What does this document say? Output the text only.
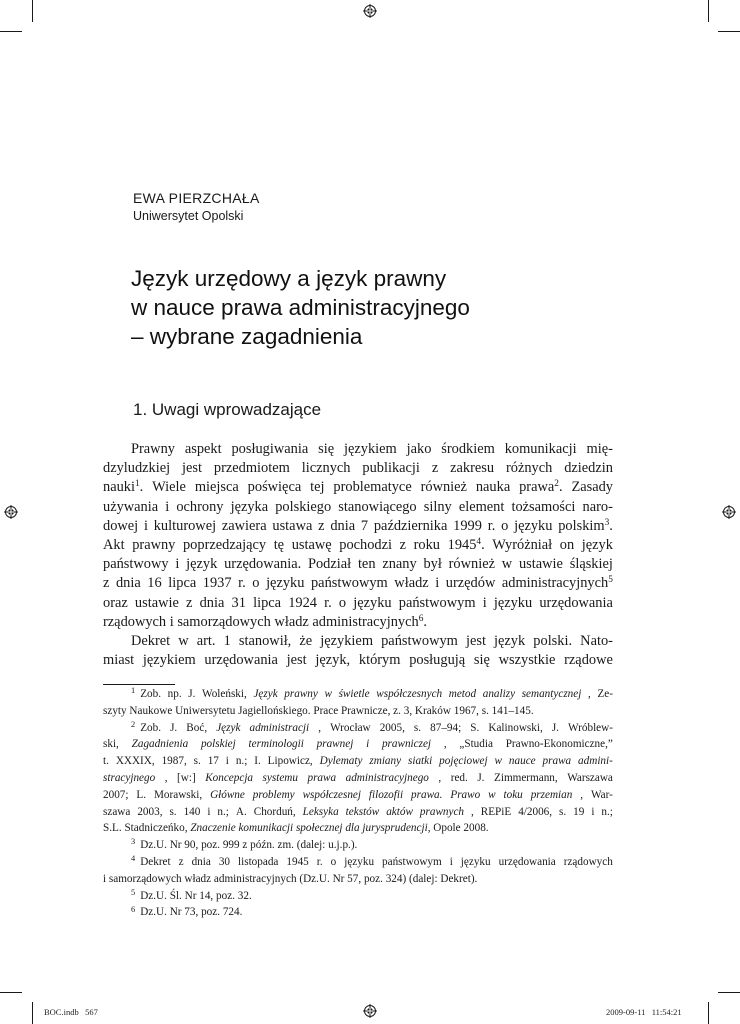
EWA PIERZCHAŁA
Uniwersytet Opolski
Język urzędowy a język prawny
w nauce prawa administracyjnego
– wybrane zagadnienia
1. Uwagi wprowadzające
Prawny aspekt posługiwania się językiem jako środkiem komunikacji mię-
dzyludzkiej jest przedmiotem licznych publikacji z zakresu różnych dziedzin
nauki$^1$. Wiele miejsca poświęca tej problematyce również nauka prawa$^2$. Zasady
używania i ochrony języka polskiego stanowiącego silny element tożsamości naro-
dowej i kulturowej zawiera ustawa z dnia 7 października 1999 r. o języku polskim$^3$.
Akt prawny poprzedzający tę ustawę pochodzi z roku 1945$^4$. Wyróżniał on język
państwowy i język urzędowania. Podział ten znany był również w ustawie śląskiej
z dnia 16 lipca 1937 r. o języku państwowym władz i urzędów administracyjnych$^5$
oraz ustawie z dnia 31 lipca 1924 r. o języku państwowym i języku urzędowania
rządowych i samorządowych władz administracyjnych$^6$.
Dekret w art. 1 stanowił, że językiem państwowym jest język polski. Nato-
miast językiem urzędowania jest język, którym posługują się wszystkie rządowe
$^1$ Zob. np. J. Woleński, Język prawny w świetle współczesnych metod analizy semantycznej , Ze-
szyty Naukowe Uniwersytetu Jagiellońskiego. Prace Prawnicze, z. 3, Kraków 1967, s. 141–145.
$^2$ Zob. J. Boć, Język administracji , Wrocław 2005, s. 87–94; S. Kalinowski, J. Wróblew-
ski, Zagadnienia polskiej terminologii prawnej i prawniczej , „Studia Prawno-Ekonomiczne,”
t. XXXIX, 1987, s. 17 i n.; I. Lipowicz, Dylematy zmiany siatki pojęciowej w nauce prawa admini-
stracyjnego , [w:] Koncepcja systemu prawa administracyjnego , red. J. Zimmermann, Warszawa
2007; L. Morawski, Główne problemy współczesnej filozofii prawa. Prawo w toku przemian , War-
szawa 2003, s. 140 i n.; A. Chorduń, Leksyka tekstów aktów prawnych , REPiE 4/2006, s. 19 i n.;
S.L. Stadniczeńko, Znaczenie komunikacji społecznej dla jurysprudencji, Opole 2008.
$^3$ Dz.U. Nr 90, poz. 999 z późn. zm. (dalej: u.j.p.).
$^4$ Dekret z dnia 30 listopada 1945 r. o języku państwowym i języku urzędowania rządowych
i samorządowych władz administracyjnych (Dz.U. Nr 57, poz. 324) (dalej: Dekret).
$^5$ Dz.U. Śl. Nr 14, poz. 32.
$^6$ Dz.U. Nr 73, poz. 724.
BOC.indb 567	2009-09-11 11:54:21
